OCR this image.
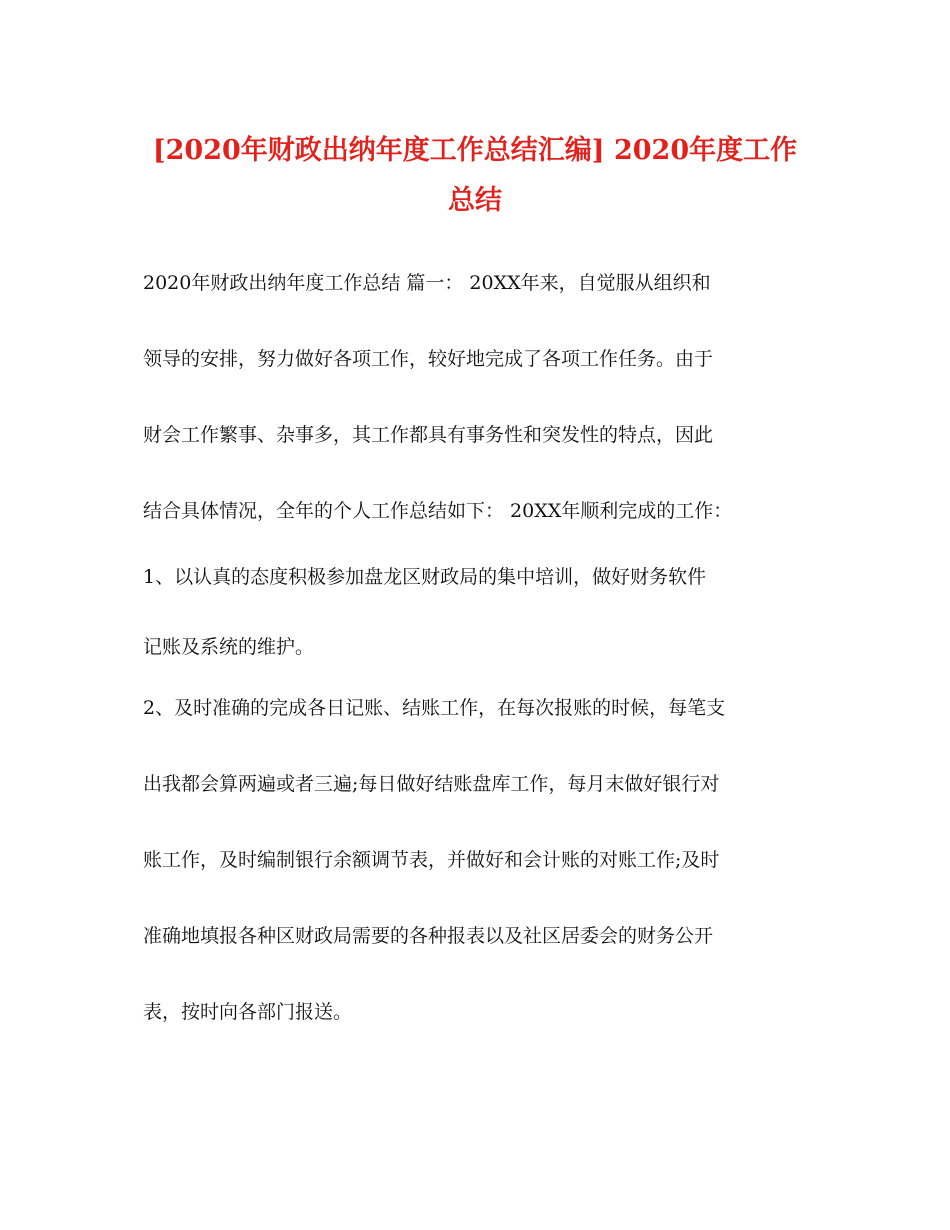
[2020年财政出纳年度工作总结汇编] 2020年度工作
总结
2020年财政出纳年度工作总结 篇一： 20XX年来，自觉服从组织和
领导的安排，努力做好各项工作，较好地完成了各项工作任务。由于
财会工作繁事、杂事多，其工作都具有事务性和突发性的特点，因此
结合具体情况，全年的个人工作总结如下： 20XX年顺利完成的工作：
1、以认真的态度积极参加盘龙区财政局的集中培训，做好财务软件
记账及系统的维护。
2、及时准确的完成各日记账、结账工作，在每次报账的时候，每笔支
出我都会算两遍或者三遍;每日做好结账盘库工作，每月末做好银行对
账工作，及时编制银行余额调节表，并做好和会计账的对账工作;及时
准确地填报各种区财政局需要的各种报表以及社区居委会的财务公开
表，按时向各部门报送。
